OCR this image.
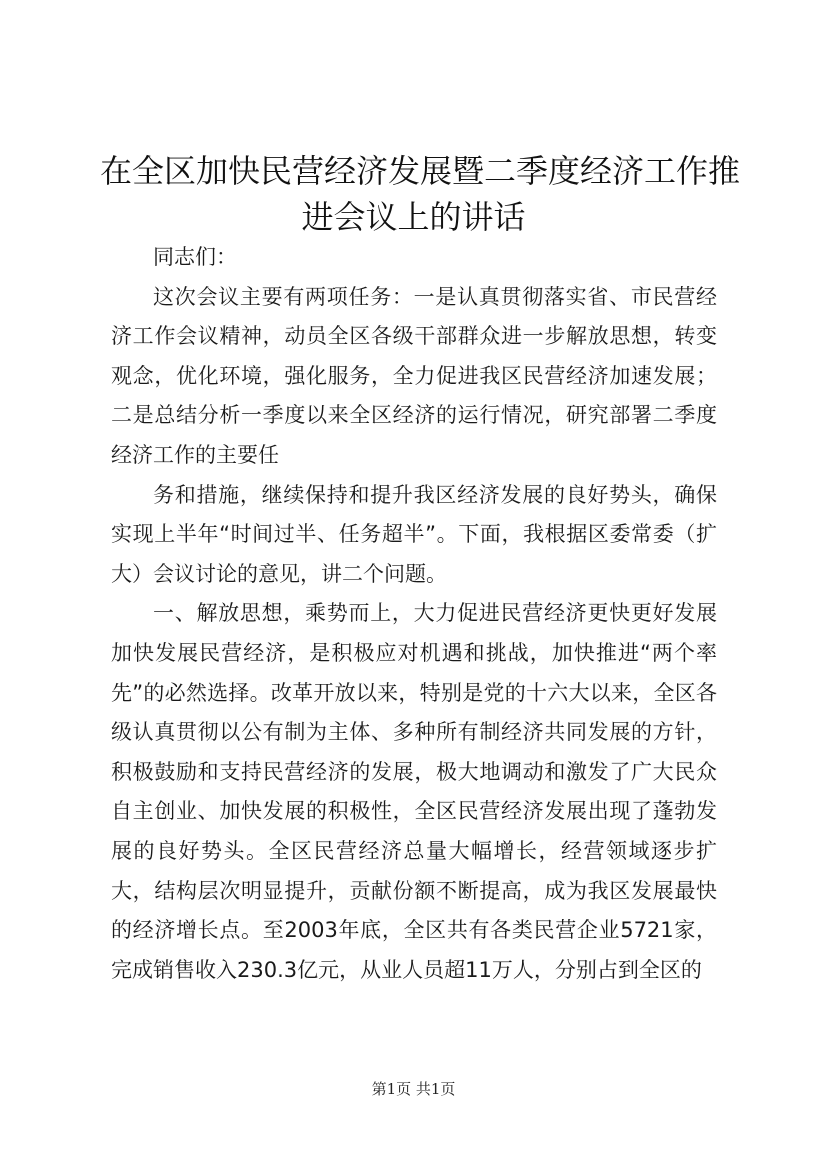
在全区加快民营经济发展暨二季度经济工作推
进会议上的讲话

同志们：

这次会议主要有两项任务：一是认真贯彻落实省、市民营经济工作会议精神，动员全区各级干部群众进一步解放思想，转变观念，优化环境，强化服务，全力促进我区民营经济加速发展；二是总结分析一季度以来全区经济的运行情况，研究部署二季度经济工作的主要任

务和措施，继续保持和提升我区经济发展的良好势头，确保实现上半年“时间过半、任务超半”。下面，我根据区委常委（扩大）会议讨论的意见，讲二个问题。

一、解放思想，乘势而上，大力促进民营经济更快更好发展加快发展民营经济，是积极应对机遇和挑战，加快推进“两个率先”的必然选择。改革开放以来，特别是党的十六大以来，全区各级认真贯彻以公有制为主体、多种所有制经济共同发展的方针，积极鼓励和支持民营经济的发展，极大地调动和激发了广大民众自主创业、加快发展的积极性，全区民营经济发展出现了蓬勃发展的良好势头。全区民营经济总量大幅增长，经营领域逐步扩大，结构层次明显提升，贡献份额不断提高，成为我区发展最快的经济增长点。至2003年底，全区共有各类民营企业5721家，完成销售收入230.3亿元，从业人员超11万人，分别占到全区的

第1页 共1页
